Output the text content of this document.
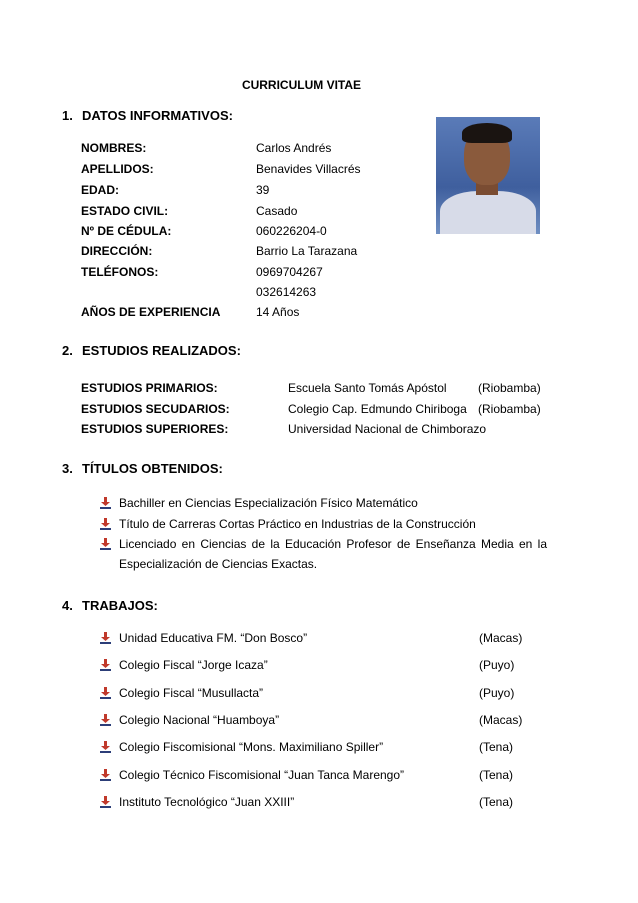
CURRICULUM VITAE
1. DATOS INFORMATIVOS:
NOMBRES:	Carlos Andrés
APELLIDOS:	Benavides Villacrés
EDAD:	39
ESTADO CIVIL:	Casado
Nº DE CÉDULA:	060226204-0
DIRECCIÓN:	Barrio La Tarazana
TELÉFONOS:	0969704267
032614263
AÑOS DE EXPERIENCIA	14 Años
2. ESTUDIOS REALIZADOS:
ESTUDIOS PRIMARIOS:	Escuela Santo Tomás Apóstol	(Riobamba)
ESTUDIOS SECUDARIOS:	Colegio Cap. Edmundo Chiriboga (Riobamba)
ESTUDIOS SUPERIORES:	Universidad Nacional de Chimborazo
3. TÍTULOS OBTENIDOS:
Bachiller en Ciencias Especialización Físico Matemático
Título de Carreras Cortas Práctico en Industrias de la Construcción
Licenciado en Ciencias de la Educación Profesor de Enseñanza Media en la Especialización de Ciencias Exactas.
4. TRABAJOS:
Unidad Educativa FM. “Don Bosco”	(Macas)
Colegio Fiscal “Jorge Icaza”	(Puyo)
Colegio Fiscal “Musullacta”	(Puyo)
Colegio Nacional “Huamboya”	(Macas)
Colegio Fiscomisional “Mons. Maximiliano Spiller”	(Tena)
Colegio Técnico Fiscomisional “Juan Tanca Marengo”	(Tena)
Instituto Tecnológico “Juan XXIII”	(Tena)
